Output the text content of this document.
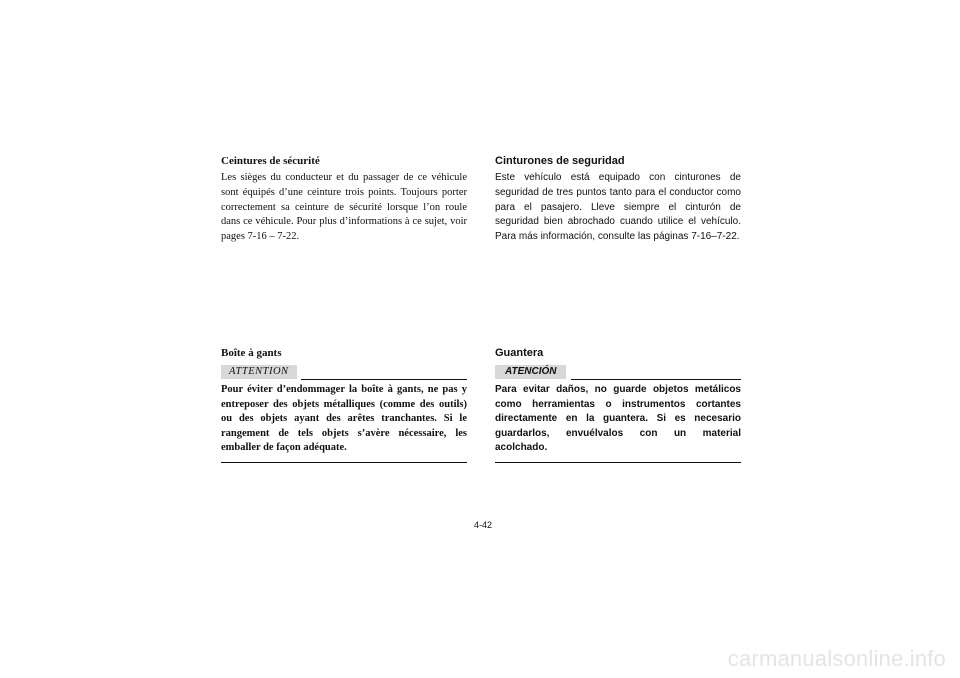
Ceintures de sécurité

Les sièges du conducteur et du passager de ce véhicule sont équipés d’une ceinture trois points. Toujours porter correctement sa ceinture de sécurité lorsque l’on roule dans ce véhicule. Pour plus d’informations à ce sujet, voir pages 7-16 – 7-22.

Boîte à gants

ATTENTION

Pour éviter d’endommager la boîte à gants, ne pas y entreposer des objets métalliques (comme des outils) ou des objets ayant des arêtes tranchantes. Si le rangement de tels objets s’avère nécessaire, les emballer de façon adéquate.

Cinturones de seguridad

Este vehículo está equipado con cinturones de seguridad de tres puntos tanto para el conductor como para el pasajero. Lleve siempre el cinturón de seguridad bien abrochado cuando utilice el vehículo. Para más información, consulte las páginas 7-16–7-22.

Guantera

ATENCIÓN

Para evitar daños, no guarde objetos metálicos como herramientas o instrumentos cortantes directamente en la guantera. Si es necesario guardarlos, envuélvalos con un material acolchado.

4-42
carmanualsonline.info
